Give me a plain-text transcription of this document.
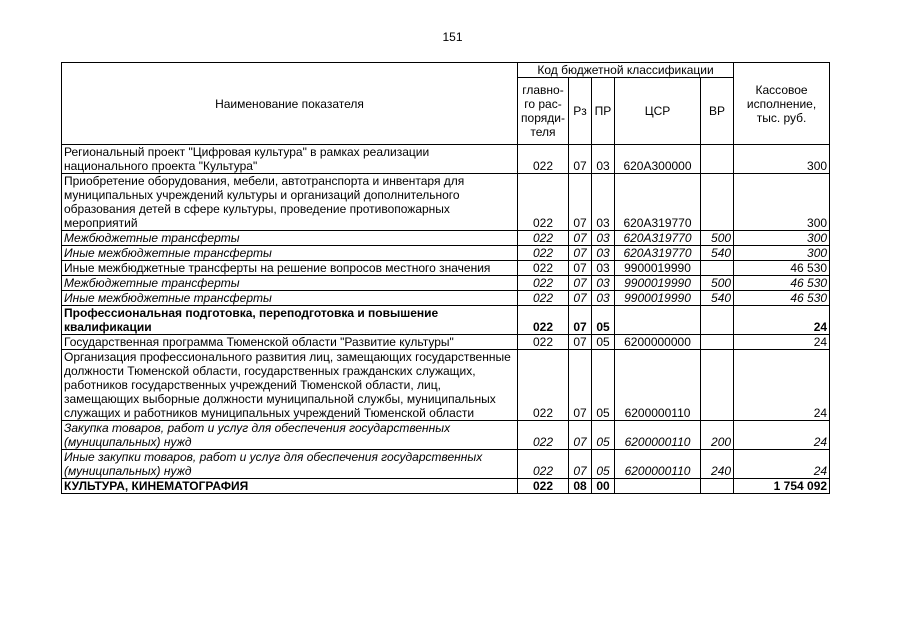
151
Наименование показателя	Код бюджетной классификации					Кассовое исполнение, тыс. руб.
	главно-го рас-поряди-теля	Рз	ПР	ЦСР	ВР	
Региональный проект "Цифровая культура" в рамках реализации национального проекта "Культура"	022	07	03	620А300000		300
Приобретение оборудования, мебели, автотранспорта и инвентаря для муниципальных учреждений культуры и организаций дополнительного образования детей в сфере культуры, проведение противопожарных мероприятий	022	07	03	620А319770		300
Межбюджетные трансферты	022	07	03	620А319770	500	300
Иные межбюджетные трансферты	022	07	03	620А319770	540	300
Иные межбюджетные трансферты на решение вопросов местного значения	022	07	03	9900019990		46 530
Межбюджетные трансферты	022	07	03	9900019990	500	46 530
Иные межбюджетные трансферты	022	07	03	9900019990	540	46 530
Профессиональная подготовка, переподготовка и повышение квалификации	022	07	05			24
Государственная программа Тюменской области "Развитие культуры"	022	07	05	6200000000		24
Организация профессионального развития лиц, замещающих государственные должности Тюменской области, государственных гражданских служащих, работников государственных учреждений Тюменской области, лиц, замещающих выборные должности муниципальной службы, муниципальных служащих и работников муниципальных учреждений Тюменской области	022	07	05	6200000110		24
Закупка товаров, работ и услуг для обеспечения государственных (муниципальных) нужд	022	07	05	6200000110	200	24
Иные закупки товаров, работ и услуг для обеспечения государственных (муниципальных) нужд	022	07	05	6200000110	240	24
КУЛЬТУРА, КИНЕМАТОГРАФИЯ	022	08	00			1 754 092
